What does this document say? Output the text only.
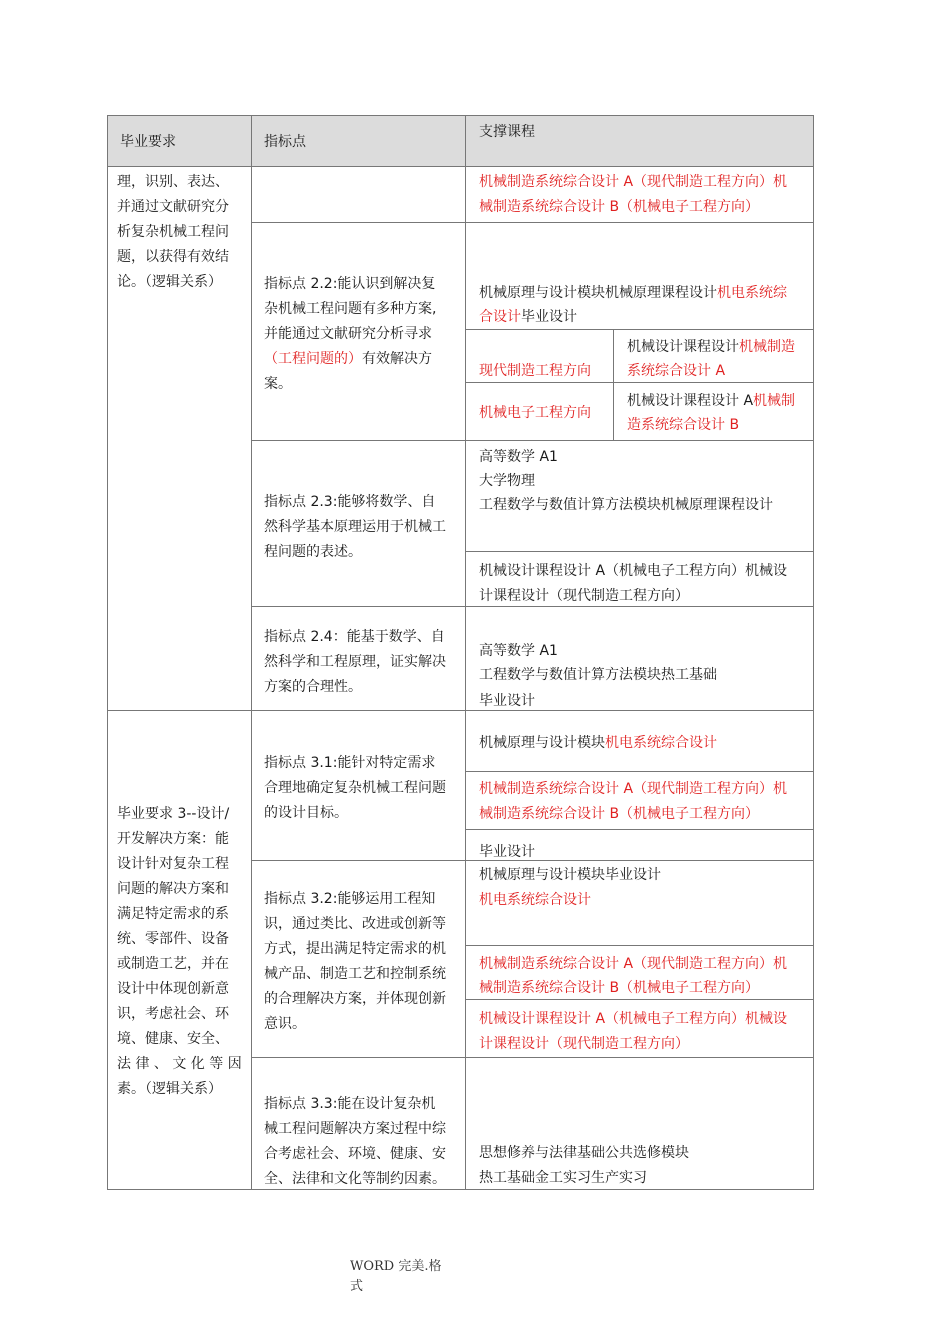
毕业要求	指标点
支撑课程
理，识别、表达、
并通过文献研究分
析复杂机械工程问
题，以获得有效结
论。（逻辑关系）
机械制造系统综合设计 A（现代制造工程方向）机
械制造系统综合设计 B（机械电子工程方向）
指标点 2.2:能认识到解决复
杂机械工程问题有多种方案,
并能通过文献研究分析寻求
（工程问题的）有效解决方
案。
机械原理与设计模块机械原理课程设计机电系统综
合设计毕业设计
现代制造工程方向
机械设计课程设计机械制造
系统综合设计 A
机械电子工程方向
机械设计课程设计 A机械制
造系统综合设计 B
指标点 2.3:能够将数学、自
然科学基本原理运用于机械工
程问题的表述。
高等数学 A1
大学物理
工程数学与数值计算方法模块机械原理课程设计
机械设计课程设计 A（机械电子工程方向）机械设
计课程设计（现代制造工程方向）
指标点 2.4：能基于数学、自
然科学和工程原理，证实解决
方案的合理性。
高等数学 A1
工程数学与数值计算方法模块热工基础
毕业设计
毕业要求 3--设计/
开发解决方案：能
设计针对复杂工程
问题的解决方案和
满足特定需求的系
统、零部件、设备
或制造工艺，并在
设计中体现创新意
识，考虑社会、环
境、健康、安全、
法 律 、 文 化 等 因
素。（逻辑关系）
指标点 3.1:能针对特定需求
合理地确定复杂机械工程问题
的设计目标。
机械原理与设计模块机电系统综合设计
机械制造系统综合设计 A（现代制造工程方向）机
械制造系统综合设计 B（机械电子工程方向）
毕业设计
指标点 3.2:能够运用工程知
识，通过类比、改进或创新等
方式，提出满足特定需求的机
械产品、制造工艺和控制系统
的合理解决方案，并体现创新
意识。
机械原理与设计模块毕业设计
机电系统综合设计
机械制造系统综合设计 A（现代制造工程方向）机
械制造系统综合设计 B（机械电子工程方向）
机械设计课程设计 A（机械电子工程方向）机械设
计课程设计（现代制造工程方向）
指标点 3.3:能在设计复杂机
械工程问题解决方案过程中综
合考虑社会、环境、健康、安
全、法律和文化等制约因素。
思想修养与法律基础公共选修模块
热工基础金工实习生产实习
WORD 完美.格
式
